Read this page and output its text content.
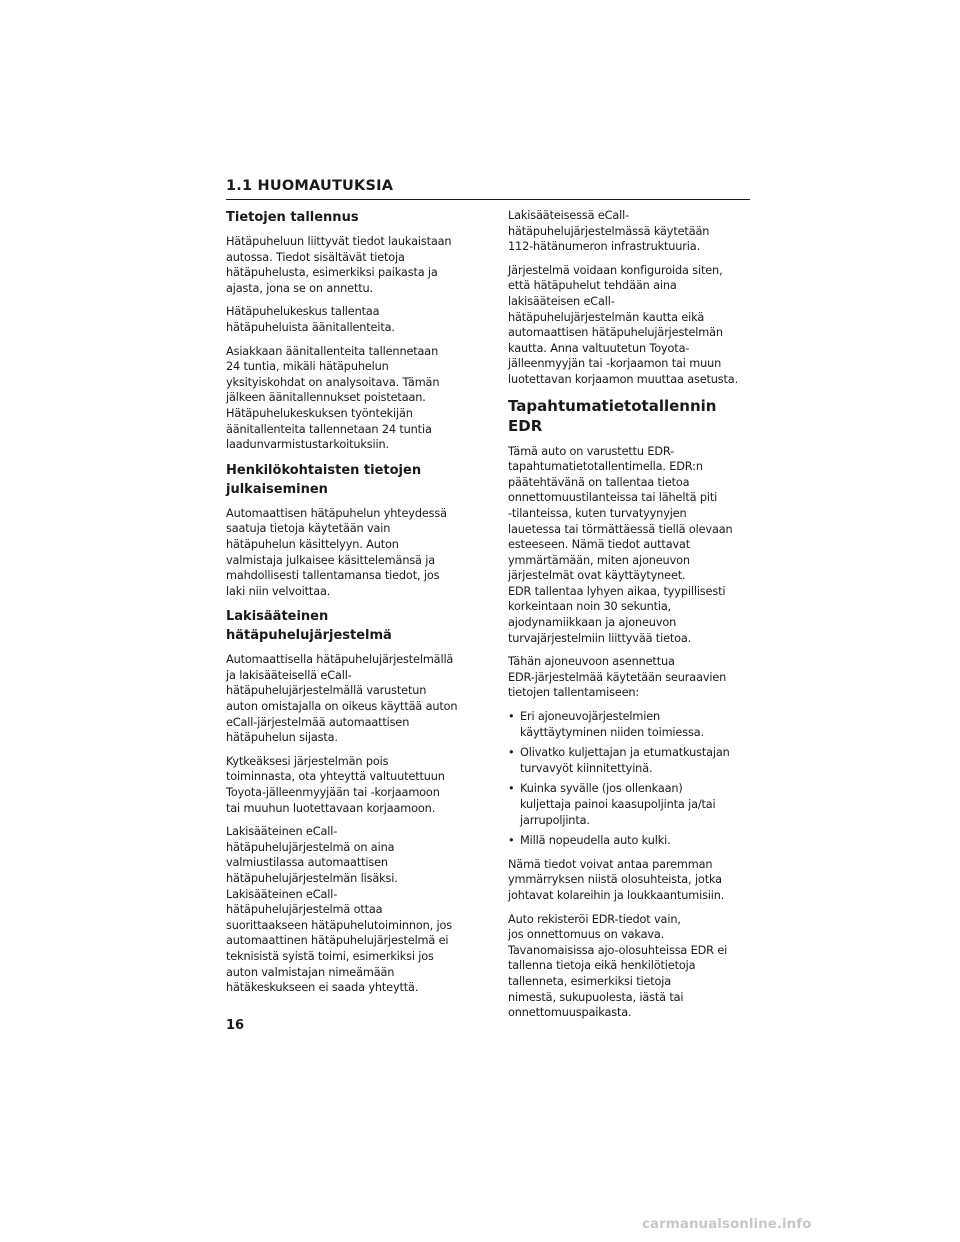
1.1 HUOMAUTUKSIA
Tietojen tallennus

Hätäpuheluun liittyvät tiedot laukaistaan
autossa. Tiedot sisältävät tietoja
hätäpuhelusta, esimerkiksi paikasta ja
ajasta, jona se on annettu.

Hätäpuhelukeskus tallentaa
hätäpuheluista äänitallenteita.

Asiakkaan äänitallenteita tallennetaan
24 tuntia, mikäli hätäpuhelun
yksityiskohdat on analysoitava. Tämän
jälkeen äänitallennukset poistetaan.
Hätäpuhelukeskuksen työntekijän
äänitallenteita tallennetaan 24 tuntia
laadunvarmistustarkoituksiin.

Henkilökohtaisten tietojen julkaiseminen

Automaattisen hätäpuhelun yhteydessä
saatuja tietoja käytetään vain
hätäpuhelun käsittelyyn. Auton
valmistaja julkaisee käsittelemänsä ja
mahdollisesti tallentamansa tiedot, jos
laki niin velvoittaa.

Lakisääteinen hätäpuhelujärjestelmä

Automaattisella hätäpuhelujärjestelmällä
ja lakisääteisellä eCall-
hätäpuhelujärjestelmällä varustetun
auton omistajalla on oikeus käyttää auton
eCall-järjestelmää automaattisen
hätäpuhelun sijasta.

Kytkeäksesi järjestelmän pois
toiminnasta, ota yhteyttä valtuutettuun
Toyota-jälleenmyyjään tai -korjaamoon
tai muuhun luotettavaan korjaamoon.

Lakisääteinen eCall-
hätäpuhelujärjestelmä on aina
valmiustilassa automaattisen
hätäpuhelujärjestelmän lisäksi.
Lakisääteinen eCall-
hätäpuhelujärjestelmä ottaa
suorittaakseen hätäpuhelutoiminnon, jos
automaattinen hätäpuhelujärjestelmä ei
teknisistä syistä toimi, esimerkiksi jos
auton valmistajan nimeämään
hätäkeskukseen ei saada yhteyttä.

Lakisääteisessä eCall-
hätäpuhelujärjestelmässä käytetään
112-hätänumeron infrastruktuuria.

Järjestelmä voidaan konfiguroida siten,
että hätäpuhelut tehdään aina
lakisääteisen eCall-
hätäpuhelujärjestelmän kautta eikä
automaattisen hätäpuhelujärjestelmän
kautta. Anna valtuutetun Toyota-
jälleenmyyjän tai -korjaamon tai muun
luotettavan korjaamon muuttaa asetusta.

Tapahtumatietotallennin EDR

Tämä auto on varustettu EDR-
tapahtumatietotallentimella. EDR:n
päätehtävänä on tallentaa tietoa
onnettomuustilanteissa tai läheltä piti
-tilanteissa, kuten turvatyynyjen
lauetessa tai törmättäessä tiellä olevaan
esteeseen. Nämä tiedot auttavat
ymmärtämään, miten ajoneuvon
järjestelmät ovat käyttäytyneet.
EDR tallentaa lyhyen aikaa, tyypillisesti
korkeintaan noin 30 sekuntia,
ajodynamiikkaan ja ajoneuvon
turvajärjestelmiin liittyvää tietoa.

Tähän ajoneuvoon asennettua
EDR-järjestelmää käytetään seuraavien
tietojen tallentamiseen:

• Eri ajoneuvojärjestelmien
käyttäytyminen niiden toimiessa.
• Olivatko kuljettajan ja etumatkustajan
turvavyöt kiinnitettyinä.
• Kuinka syvälle (jos ollenkaan)
kuljettaja painoi kaasupoljinta ja/tai
jarrupoljinta.
• Millä nopeudella auto kulki.

Nämä tiedot voivat antaa paremman
ymmärryksen niistä olosuhteista, jotka
johtavat kolareihin ja loukkaantumisiin.

Auto rekisteröi EDR-tiedot vain,
jos onnettomuus on vakava.
Tavanomaisissa ajo-olosuhteissa EDR ei
tallenna tietoja eikä henkilötietoja
tallenneta, esimerkiksi tietoja
nimestä, sukupuolesta, iästä tai
onnettomuuspaikasta.

16
carmanualsonline.info
